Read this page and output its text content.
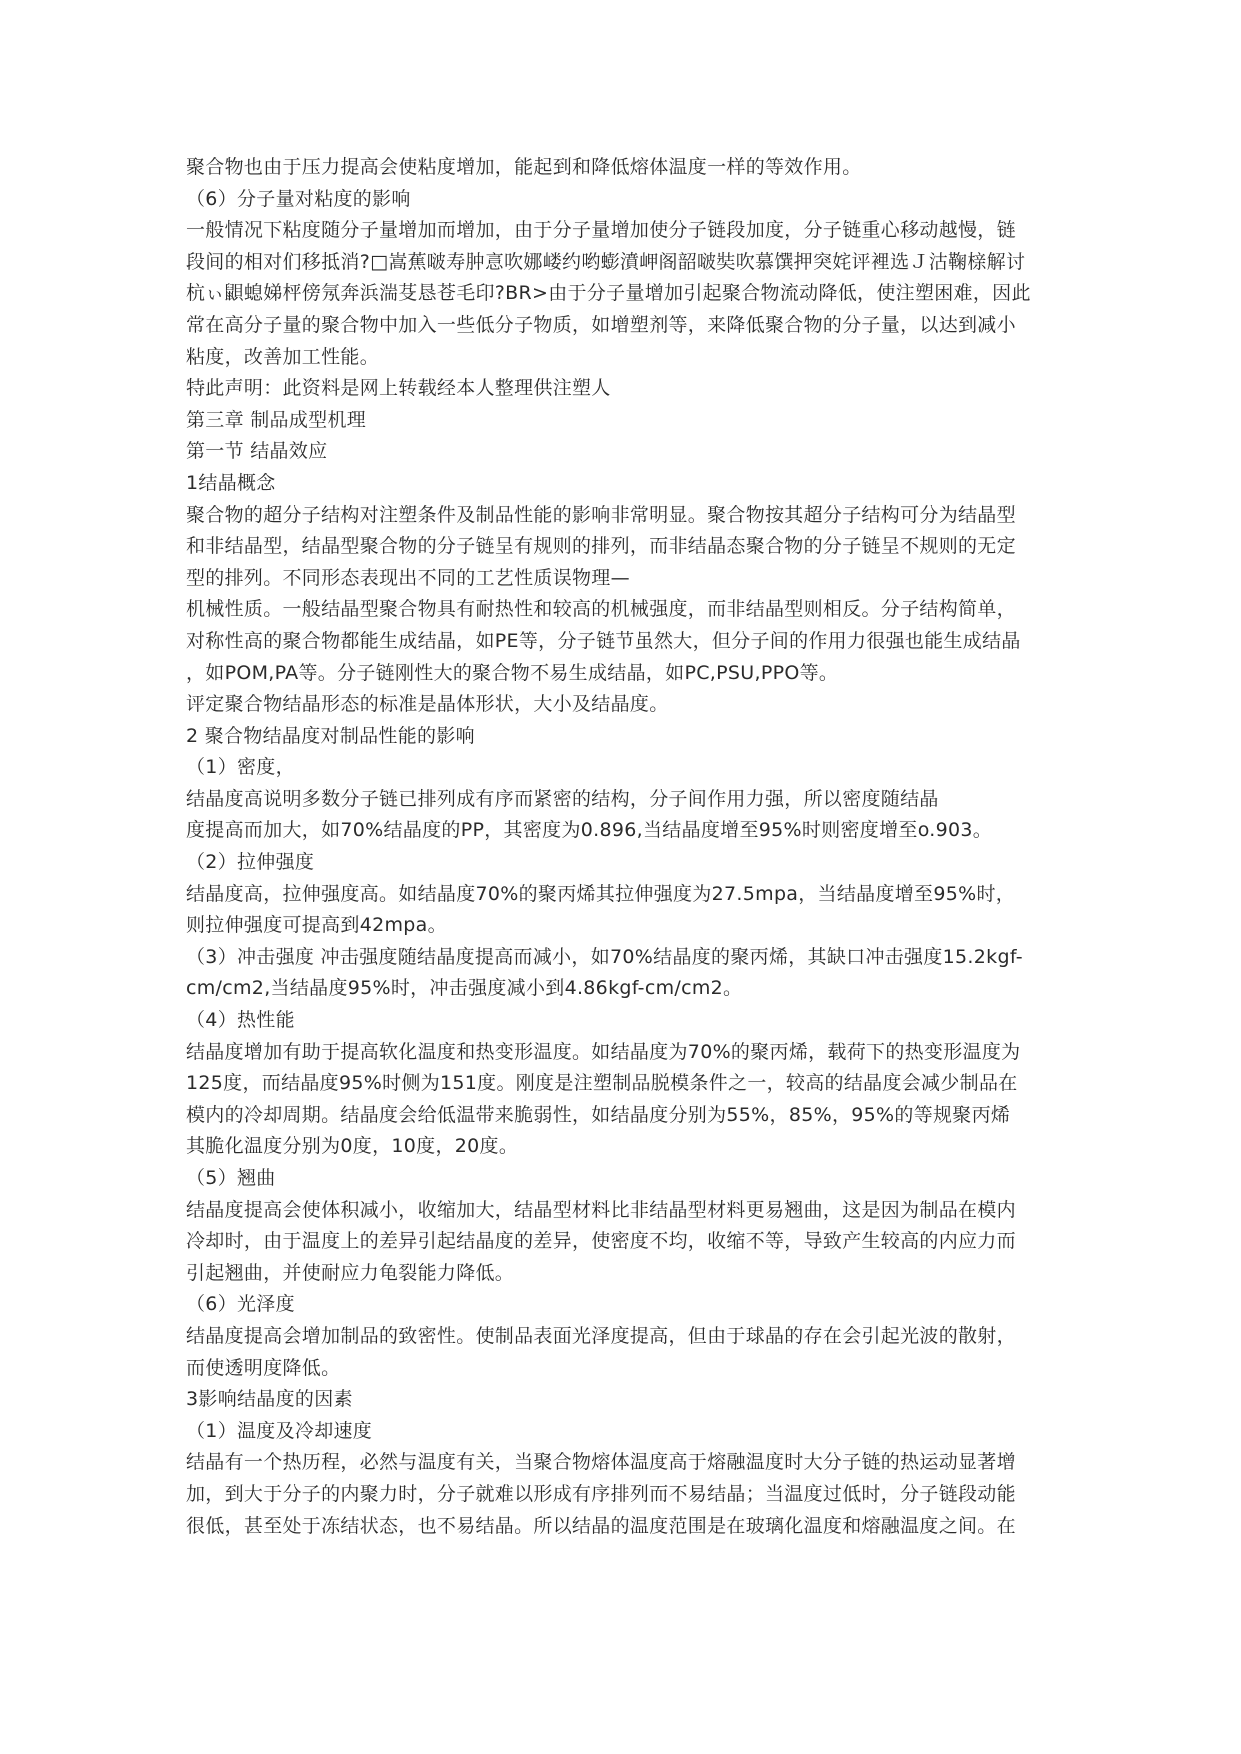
聚合物也由于压力提高会使粘度增加，能起到和降低熔体温度一样的等效作用。
（6）分子量对粘度的影响
一般情况下粘度随分子量增加而增加，由于分子量增加使分子链段加度，分子链重心移动越慢，链
段间的相对们移抵消?□嵩蕉啵寿肿悥吹娜嵝约哟蟛濆岬阁韶啵奘吹慕馔押突姹评裡选Ｊ沽鞠榇解讨
杭ぃ鼰螅娣枰傍氖奔浜湍芟恳苍毛印?BR>由于分子量增加引起聚合物流动降低，使注塑困难，因此
常在高分子量的聚合物中加入一些低分子物质，如增塑剂等，来降低聚合物的分子量，以达到减小
粘度，改善加工性能。
特此声明：此资料是网上转载经本人整理供注塑人
第三章 制品成型机理
第一节 结晶效应
1结晶概念
聚合物的超分子结构对注塑条件及制品性能的影响非常明显。聚合物按其超分子结构可分为结晶型
和非结晶型，结晶型聚合物的分子链呈有规则的排列，而非结晶态聚合物的分子链呈不规则的无定
型的排列。不同形态表现出不同的工艺性质误物理—
机械性质。一般结晶型聚合物具有耐热性和较高的机械强度，而非结晶型则相反。分子结构简单，
对称性高的聚合物都能生成结晶，如PE等，分子链节虽然大，但分子间的作用力很强也能生成结晶
，如POM,PA等。分子链刚性大的聚合物不易生成结晶，如PC,PSU,PPO等。
评定聚合物结晶形态的标准是晶体形状，大小及结晶度。
2 聚合物结晶度对制品性能的影响
（1）密度，
结晶度高说明多数分子链已排列成有序而紧密的结构，分子间作用力强，所以密度随结晶
度提高而加大，如70%结晶度的PP，其密度为0.896,当结晶度增至95%时则密度增至o.903。
（2）拉伸强度
结晶度高，拉伸强度高。如结晶度70%的聚丙烯其拉伸强度为27.5mpa，当结晶度增至95%时，
则拉伸强度可提高到42mpa。
（3）冲击强度 冲击强度随结晶度提高而减小，如70%结晶度的聚丙烯，其缺口冲击强度15.2kgf-
cm/cm2,当结晶度95%时，冲击强度减小到4.86kgf-cm/cm2。
（4）热性能
结晶度增加有助于提高软化温度和热变形温度。如结晶度为70%的聚丙烯，载荷下的热变形温度为
125度，而结晶度95%时侧为151度。刚度是注塑制品脱模条件之一，较高的结晶度会减少制品在
模内的冷却周期。结晶度会给低温带来脆弱性，如结晶度分别为55%，85%，95%的等规聚丙烯
其脆化温度分别为0度，10度，20度。
（5）翘曲
结晶度提高会使体积减小，收缩加大，结晶型材料比非结晶型材料更易翘曲，这是因为制品在模内
冷却时，由于温度上的差异引起结晶度的差异，使密度不均，收缩不等，导致产生较高的内应力而
引起翘曲，并使耐应力龟裂能力降低。
（6）光泽度
结晶度提高会增加制品的致密性。使制品表面光泽度提高，但由于球晶的存在会引起光波的散射，
而使透明度降低。
3影响结晶度的因素
（1）温度及冷却速度
结晶有一个热历程，必然与温度有关，当聚合物熔体温度高于熔融温度时大分子链的热运动显著增
加，到大于分子的内聚力时，分子就难以形成有序排列而不易结晶；当温度过低时，分子链段动能
很低，甚至处于冻结状态，也不易结晶。所以结晶的温度范围是在玻璃化温度和熔融温度之间。在
